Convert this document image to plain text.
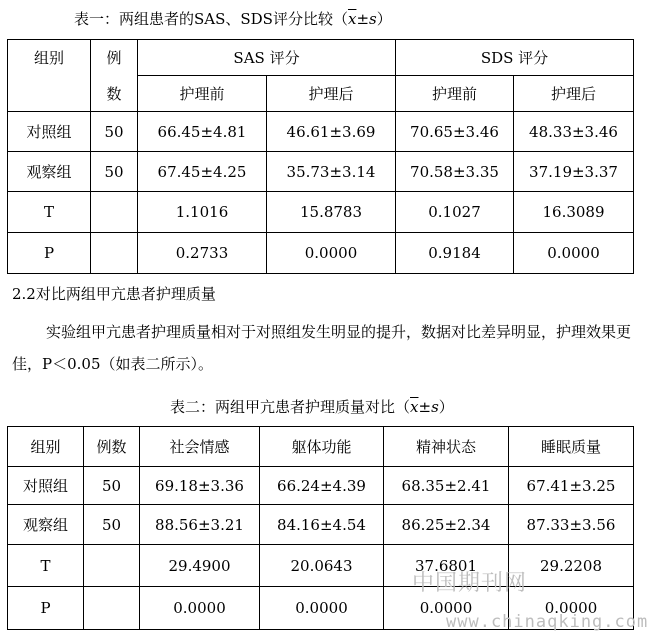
表一：两组患者的SAS、SDS评分比较$(\overline{x}\pm s)$
组别	例	SAS 评分		SDS 评分	
	数	护理前	护理后	护理前	护理后
对照组	50	66.45±4.81	46.61±3.69	70.65±3.46	48.33±3.46
观察组	50	67.45±4.25	35.73±3.14	70.58±3.35	37.19±3.37
T		1.1016	15.8783	0.1027	16.3089
P		0.2733	0.0000	0.9184	0.0000
2.2对比两组甲亢患者护理质量
实验组甲亢患者护理质量相对于对照组发生明显的提升，数据对比差异明显，护理效果更佳，P＜0.05（如表二所示）。
表二：两组甲亢患者护理质量对比$(\overline{x}\pm s)$
组别	例数	社会情感	躯体功能	精神状态	睡眠质量
对照组	50	69.18±3.36	66.24±4.39	68.35±2.41	67.41±3.25
观察组	50	88.56±3.21	84.16±4.54	86.25±2.34	87.33±3.56
T		29.4900	20.0643	37.6801	29.2208
P		0.0000	0.0000	0.0000	0.0000
中国期刊网
www.chinaqking.com
